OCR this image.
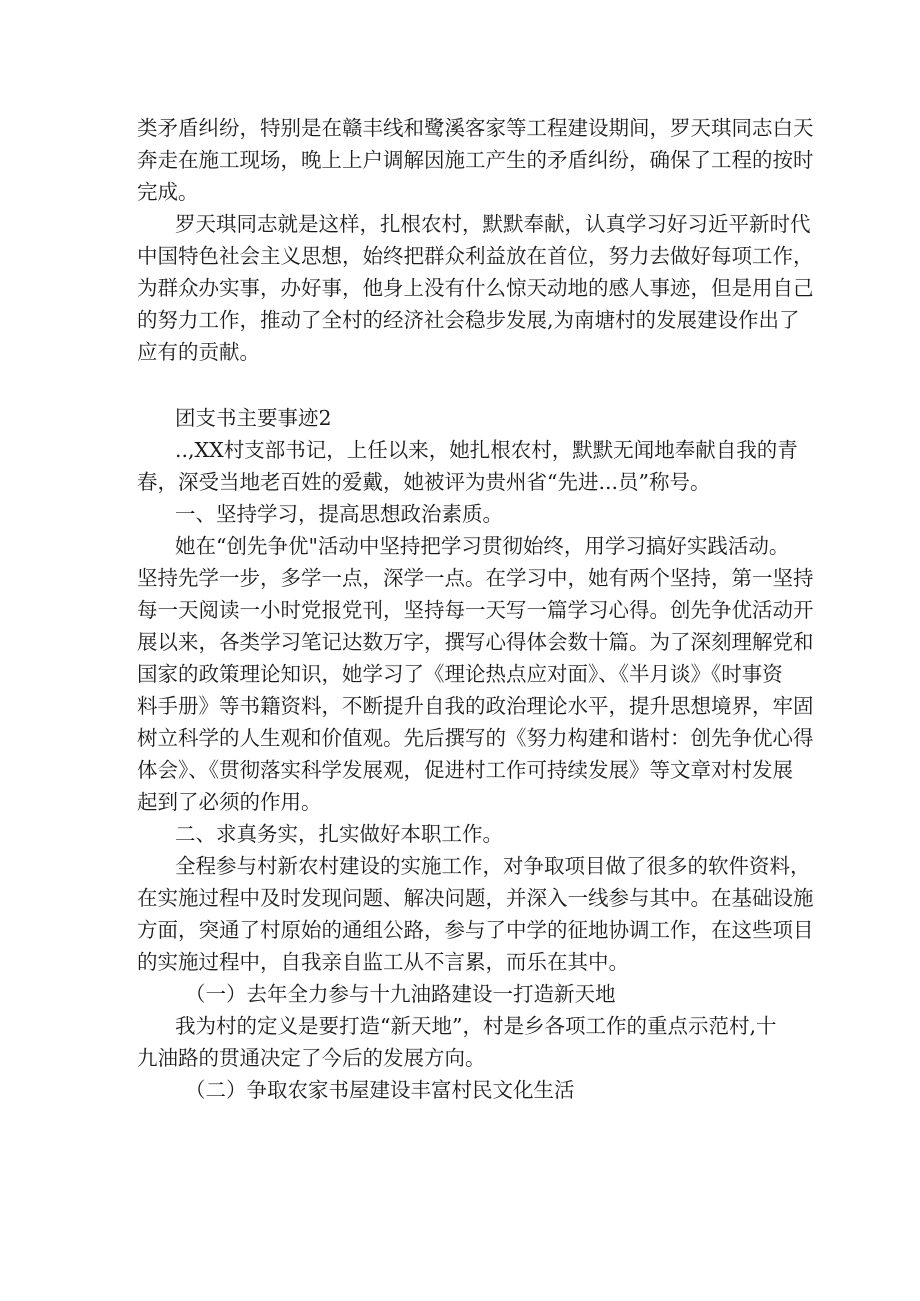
类矛盾纠纷，特别是在赣丰线和鹭溪客家等工程建设期间，罗天琪同志白天
奔走在施工现场，晚上上户调解因施工产生的矛盾纠纷，确保了工程的按时
完成。
罗天琪同志就是这样，扎根农村，默默奉献，认真学习好习近平新时代
中国特色社会主义思想，始终把群众利益放在首位，努力去做好每项工作，
为群众办实事，办好事，他身上没有什么惊天动地的感人事迹，但是用自己
的努力工作，推动了全村的经济社会稳步发展,为南塘村的发展建设作出了
应有的贡献。
团支书主要事迹2
..,XX村支部书记，上任以来，她扎根农村，默默无闻地奉献自我的青
春，深受当地老百姓的爱戴，她被评为贵州省“先进...员”称号。
一、坚持学习，提高思想政治素质。
她在“创先争优"活动中坚持把学习贯彻始终，用学习搞好实践活动。
坚持先学一步，多学一点，深学一点。在学习中，她有两个坚持，第一坚持
每一天阅读一小时党报党刊，坚持每一天写一篇学习心得。创先争优活动开
展以来，各类学习笔记达数万字，撰写心得体会数十篇。为了深刻理解党和
国家的政策理论知识，她学习了《理论热点应对面》、《半月谈》《时事资
料手册》等书籍资料，不断提升自我的政治理论水平，提升思想境界，牢固
树立科学的人生观和价值观。先后撰写的《努力构建和谐村：创先争优心得
体会》、《贯彻落实科学发展观，促进村工作可持续发展》等文章对村发展
起到了必须的作用。
二、求真务实，扎实做好本职工作。
全程参与村新农村建设的实施工作，对争取项目做了很多的软件资料，
在实施过程中及时发现问题、解决问题，并深入一线参与其中。在基础设施
方面，突通了村原始的通组公路，参与了中学的征地协调工作，在这些项目
的实施过程中，自我亲自监工从不言累，而乐在其中。
（一）去年全力参与十九油路建设一打造新天地
我为村的定义是要打造“新天地”，村是乡各项工作的重点示范村,十
九油路的贯通决定了今后的发展方向。
（二）争取农家书屋建设丰富村民文化生活
